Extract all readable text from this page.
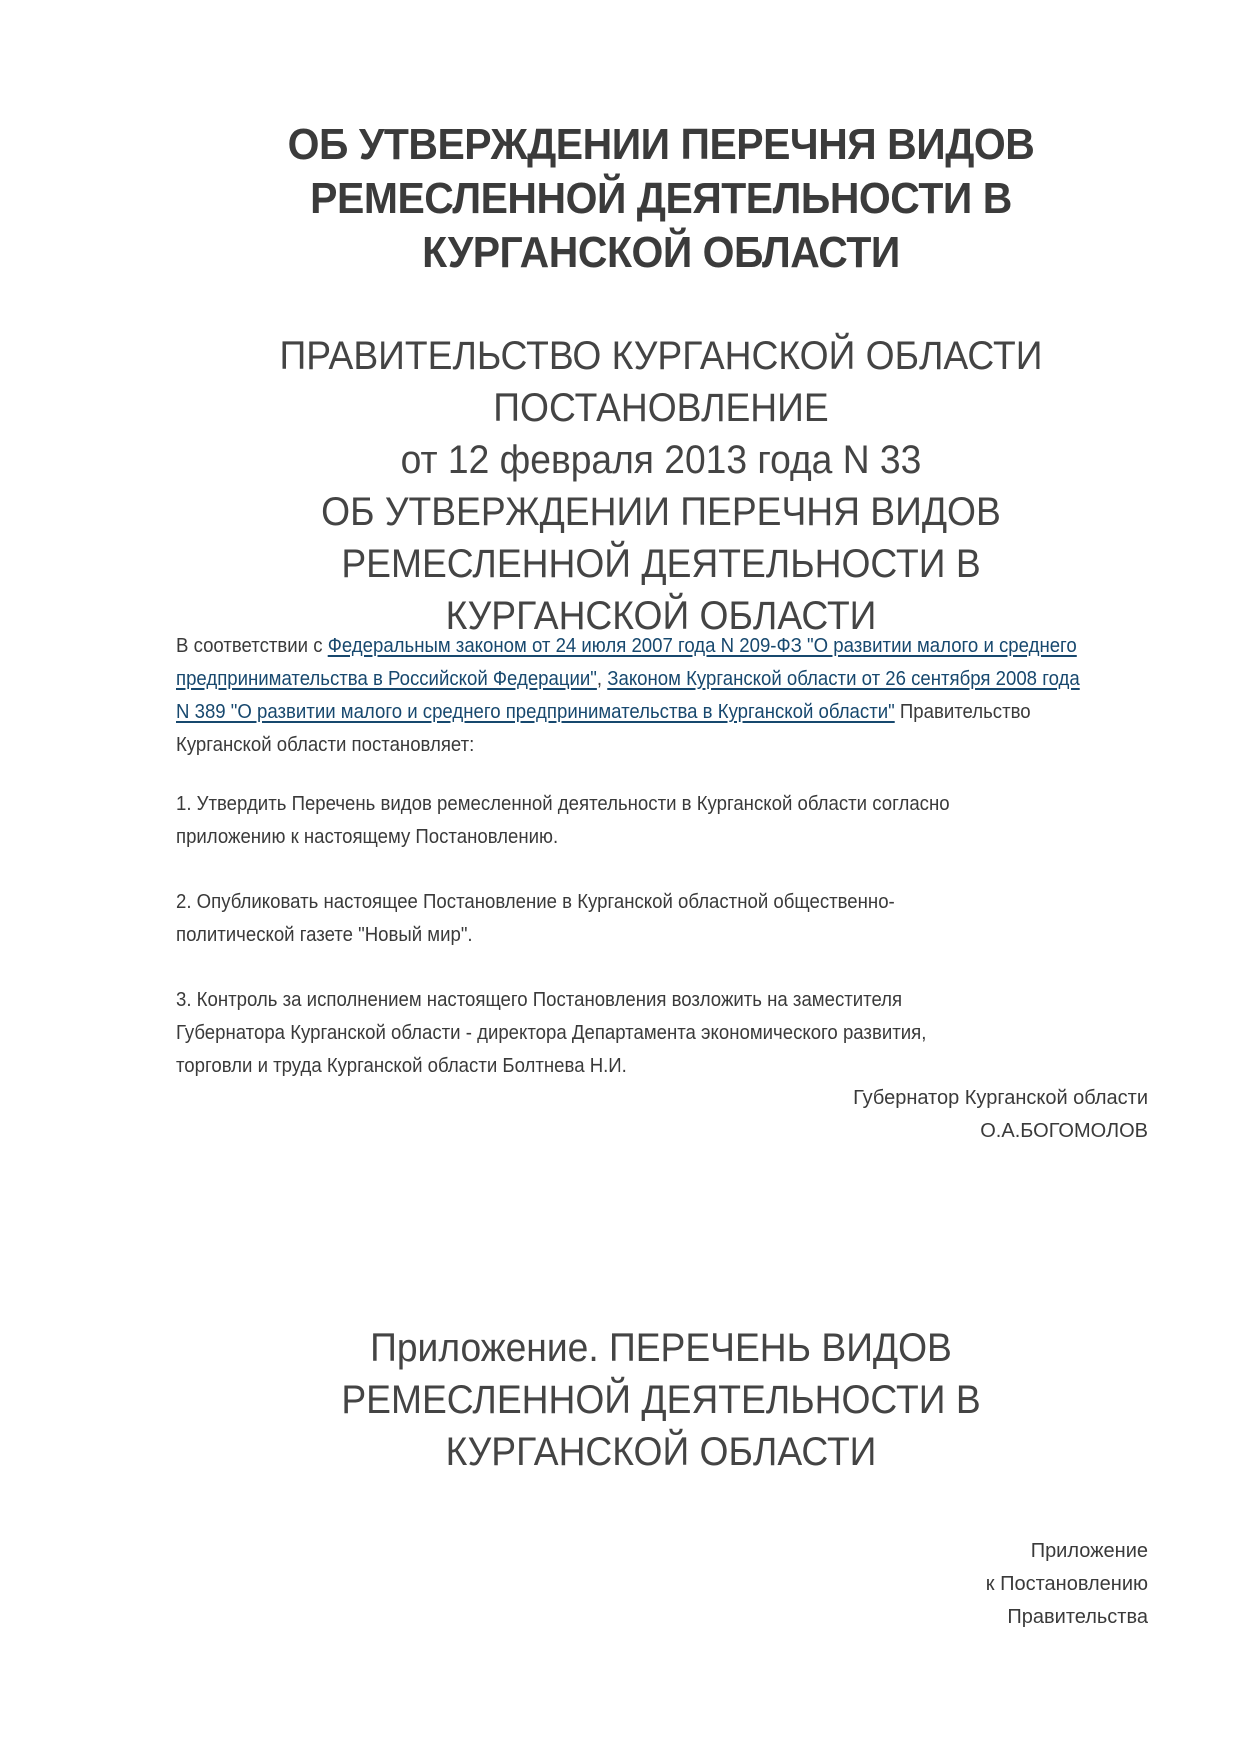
ОБ УТВЕРЖДЕНИИ ПЕРЕЧНЯ ВИДОВ
РЕМЕСЛЕННОЙ ДЕЯТЕЛЬНОСТИ В
КУРГАНСКОЙ ОБЛАСТИ
ПРАВИТЕЛЬСТВО КУРГАНСКОЙ ОБЛАСТИ
ПОСТАНОВЛЕНИЕ
от 12 февраля 2013 года N 33
ОБ УТВЕРЖДЕНИИ ПЕРЕЧНЯ ВИДОВ
РЕМЕСЛЕННОЙ ДЕЯТЕЛЬНОСТИ В
КУРГАНСКОЙ ОБЛАСТИ
В соответствии с Федеральным законом от 24 июля 2007 года N 209-ФЗ "О развитии малого и среднего предпринимательства в Российской Федерации", Законом Курганской области от 26 сентября 2008 года N 389 "О развитии малого и среднего предпринимательства в Курганской области" Правительство Курганской области постановляет:
1. Утвердить Перечень видов ремесленной деятельности в Курганской области согласно
приложению к настоящему Постановлению.
2. Опубликовать настоящее Постановление в Курганской областной общественно-
политической газете "Новый мир".
3. Контроль за исполнением настоящего Постановления возложить на заместителя
Губернатора Курганской области - директора Департамента экономического развития,
торговли и труда Курганской области Болтнева Н.И.
Губернатор Курганской области
О.А.БОГОМОЛОВ
Приложение. ПЕРЕЧЕНЬ ВИДОВ
РЕМЕСЛЕННОЙ ДЕЯТЕЛЬНОСТИ В
КУРГАНСКОЙ ОБЛАСТИ
Приложение
к Постановлению
Правительства
